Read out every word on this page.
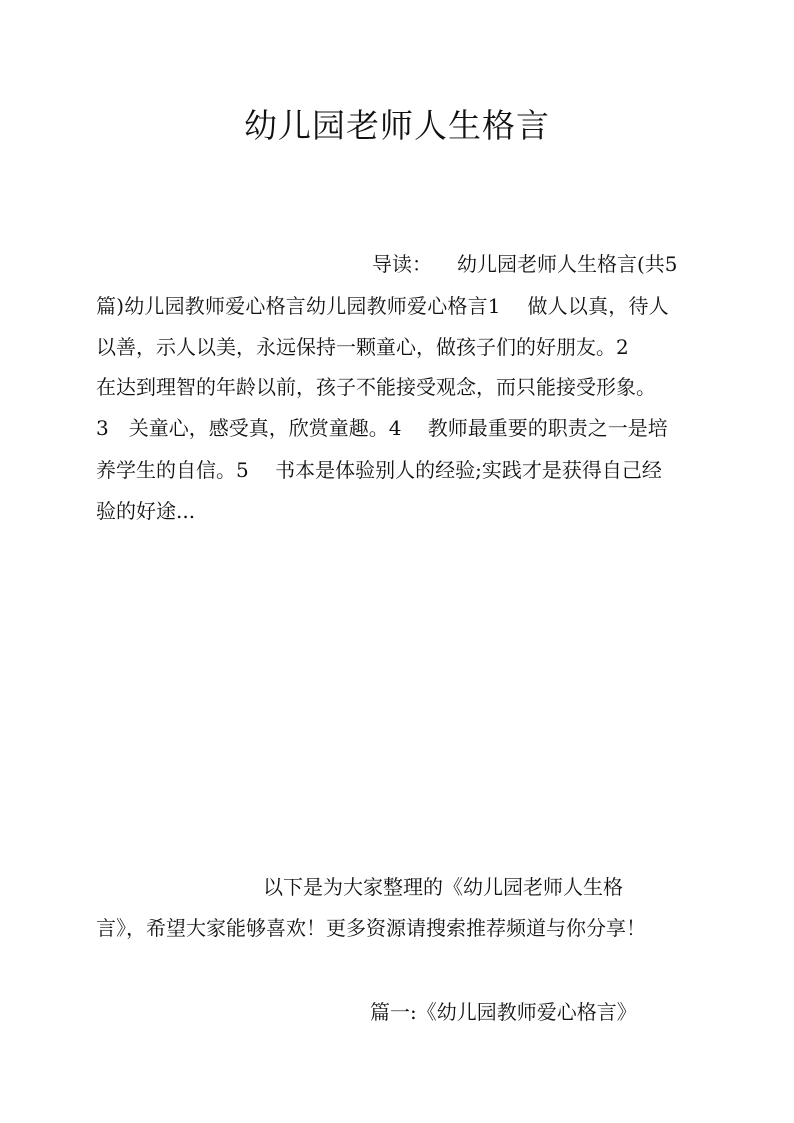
幼儿园老师人生格言
导读： 幼儿园老师人生格言(共5
篇)幼儿园教师爱心格言幼儿园教师爱心格言1　 做人以真，待人
以善，示人以美，永远保持一颗童心，做孩子们的好朋友。2
在达到理智的年龄以前，孩子不能接受观念，而只能接受形象。
3　关童心，感受真，欣赏童趣。4　 教师最重要的职责之一是培
养学生的自信。5　 书本是体验别人的经验;实践才是获得自己经
验的好途...
以下是为大家整理的《幼儿园老师人生格
言》，希望大家能够喜欢！更多资源请搜索推荐频道与你分享！
篇一:《幼儿园教师爱心格言》
